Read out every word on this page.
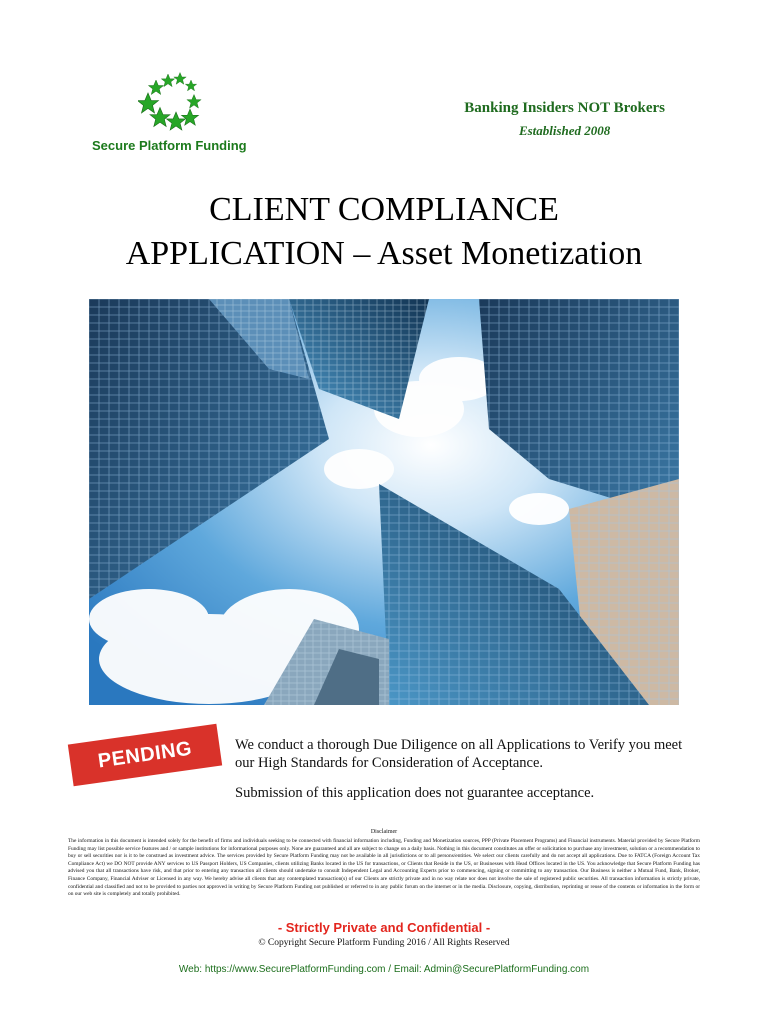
Secure Platform Funding
Banking Insiders NOT Brokers
Established 2008
CLIENT COMPLIANCE
APPLICATION – Asset Monetization
PENDING REVIEW

We conduct a thorough Due Diligence on all Applications to Verify you meet our High Standards for Consideration of Acceptance.

Submission of this application does not guarantee acceptance.

Disclaimer
The information in this document is intended solely for the benefit of firms and individuals seeking to be connected with financial information including, Funding and Monetization sources, PPP (Private Placement Programs) and Financial instruments. Material provided by Secure Platform Funding may list possible service features and / or sample institutions for informational purposes only. None are guaranteed and all are subject to change on a daily basis. Nothing in this document constitutes an offer or solicitation to purchase any investment, solution or a recommendation to buy or sell securities nor is it to be construed as investment advice. The services provided by Secure Platform Funding may not be available in all jurisdictions or to all persons/entities. We select our clients carefully and do not accept all applications. Due to FATCA (Foreign Account Tax Compliance Act) we DO NOT provide ANY services to US Passport Holders, US Companies, clients utilizing Banks located in the US for transactions, or Clients that Reside in the US, or Businesses with Head Offices located in the US. You acknowledge that Secure Platform Funding has advised you that all transactions have risk, and that prior to entering any transaction all clients should undertake to consult Independent Legal and Accounting Experts prior to commencing, signing or committing to any transaction. Our Business is neither a Mutual Fund, Bank, Broker, Finance Company, Financial Adviser or Licensed in any way. We hereby advise all clients that any contemplated transaction(s) of our Clients are strictly private and in no way relate nor does not involve the sale of registered public securities. All transaction information is strictly private, confidential and classified and not to be provided to parties not approved in writing by Secure Platform Funding not published or referred to in any public forum on the internet or in the media. Disclosure, copying, distribution, reprinting or reuse of the contents or information in the form or on our web site is completely and totally prohibited.
- Strictly Private and Confidential -
© Copyright Secure Platform Funding 2016 / All Rights Reserved
Web: https://www.SecurePlatformFunding.com / Email: Admin@SecurePlatformFunding.com
